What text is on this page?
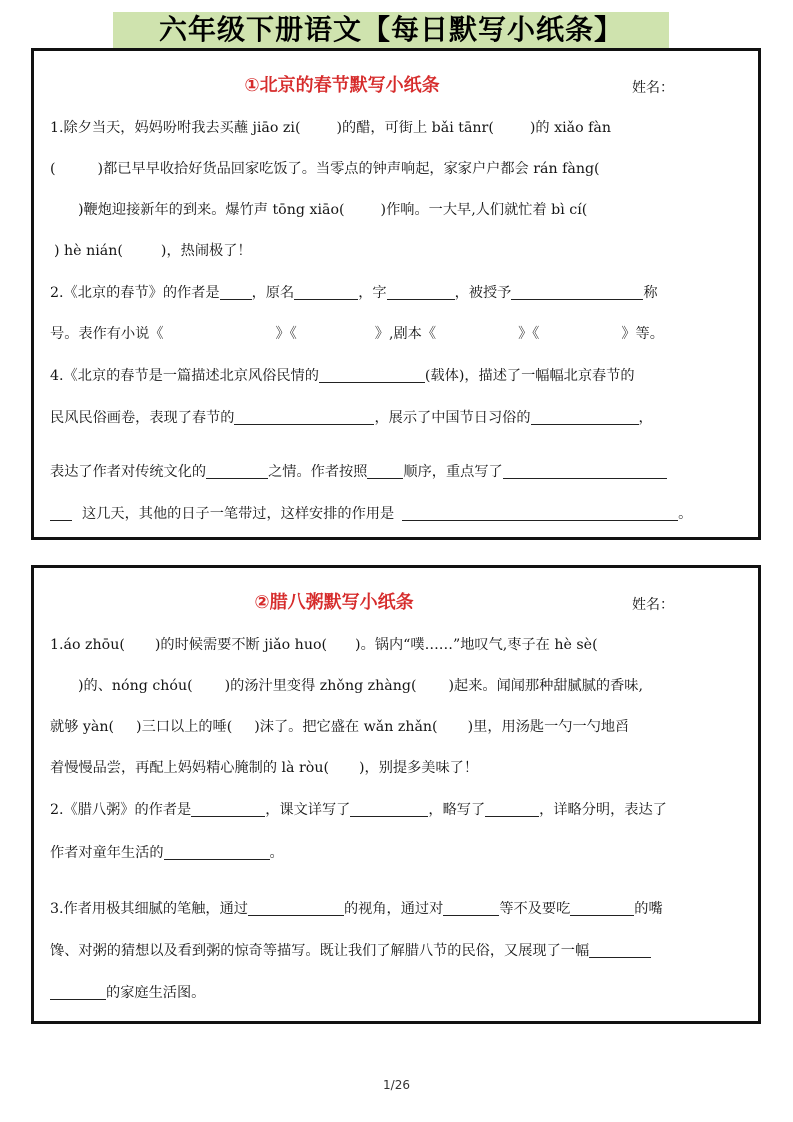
六年级下册语文【每日默写小纸条】
①北京的春节默写小纸条	姓名：
1.除夕当天，妈妈吩咐我去买蘸 jiāo zi(	)的醋，可街上 bǎi tānr(	)的 xiǎo fàn
(	)都已早早收拾好货品回家吃饭了。当零点的钟声响起，家家户户都会 rán fàng(
)鞭炮迎接新年的到来。爆竹声 tōng xiāo(	)作响。一大早,人们就忙着 bì cí(
) hè nián(	)，热闹极了！
2.《北京的春节》的作者是 ，原名	，字	，被授予	称
号。表作有小说《	》《	》,剧本《	》《	》等。
4.《北京的春节是一篇描述北京风俗民情的	(载体)，描述了一幅幅北京春节的
民风民俗画卷，表现了春节的	，展示了中国节日习俗的	，
表达了作者对传统文化的	之情。作者按照	顺序，重点写了
这几天，其他的日子一笔带过，这样安排的作用是	。
②腊八粥默写小纸条	姓名：
1.áo zhōu( )的时候需要不断 jiǎo huo( )。锅内“噗……”地叹气,枣子在 hè sè(
)的、nóng chóu( )的汤汁里变得 zhǒng zhàng( )起来。闻闻那种甜腻腻的香味,
就够 yàn( )三口以上的唾( )沫了。把它盛在 wǎn zhǎn( )里，用汤匙一勺一勺地舀
着慢慢品尝，再配上妈妈精心腌制的 là ròu( )，别提多美味了！
2.《腊八粥》的作者是	，课文详写了	，略写了	，详略分明，表达了
作者对童年生活的	。
3.作者用极其细腻的笔触，通过	的视角，通过对	等不及要吃	的嘴
馋、对粥的猜想以及看到粥的惊奇等描写。既让我们了解腊八节的民俗，又展现了一幅
的家庭生活图。
1/26
